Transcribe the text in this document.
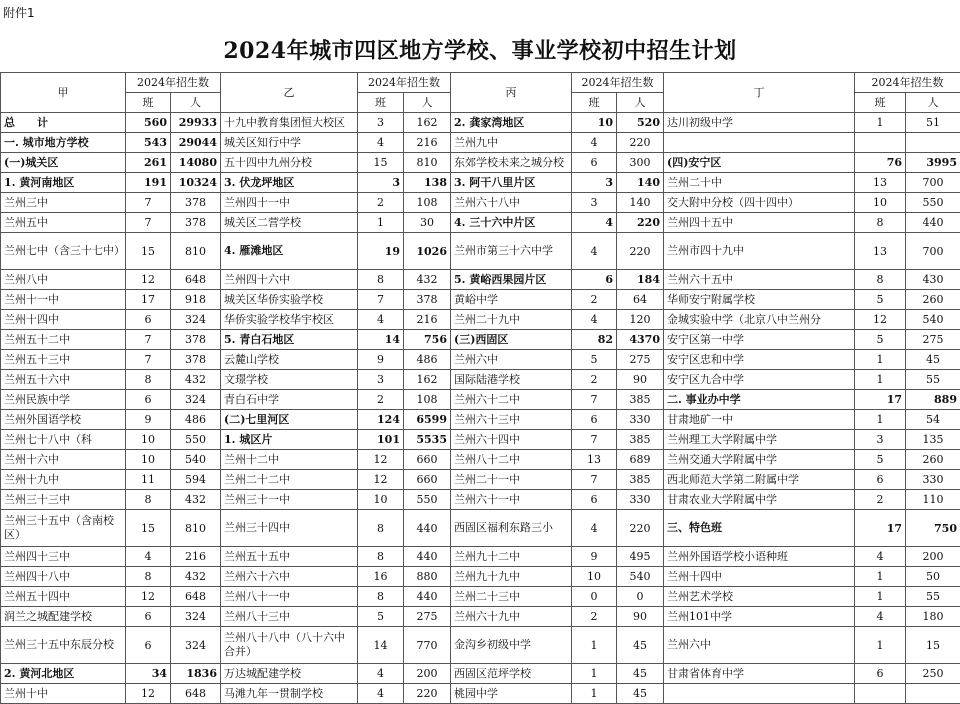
附件1
2024年城市四区地方学校、事业学校初中招生计划
甲	2024年招生数		乙	2024年招生数		丙	2024年招生数		丁	2024年招生数	
	班	人		班	人		班	人		班	人
总　　计	560	29933	十九中教育集团恒大校区	3	162	2. 龚家湾地区	10	520	达川初级中学	1	51
一. 城市地方学校	543	29044	城关区知行中学	4	216	兰州九中	4	220			
(一)城关区	261	14080	五十四中九州分校	15	810	东郊学校未来之城分校	6	300	(四)安宁区	76	3995
1. 黄河南地区	191	10324	3. 伏龙坪地区	3	138	3. 阿干八里片区	3	140	兰州二十中	13	700
兰州三中	7	378	兰州四十一中	2	108	兰州六十八中	3	140	交大附中分校（四十四中）	10	550
兰州五中	7	378	城关区二营学校	1	30	4. 三十六中片区	4	220	兰州四十五中	8	440
兰州七中（含三十七中）	15	810	4. 雁滩地区	19	1026	兰州市第三十六中学	4	220	兰州市四十九中	13	700
兰州八中	12	648	兰州四十六中	8	432	5. 黄峪西果园片区	6	184	兰州六十五中	8	430
兰州十一中	17	918	城关区华侨实验学校	7	378	黄峪中学	2	64	华师安宁附属学校	5	260
兰州十四中	6	324	华侨实验学校华宇校区	4	216	兰州二十九中	4	120	金城实验中学（北京八中兰州分	12	540
兰州五十二中	7	378	5. 青白石地区	14	756	(三)西固区	82	4370	安宁区第一中学	5	275
兰州五十三中	7	378	云麓山学校	9	486	兰州六中	5	275	安宁区忠和中学	1	45
兰州五十六中	8	432	文璟学校	3	162	国际陆港学校	2	90	安宁区九合中学	1	55
兰州民族中学	6	324	青白石中学	2	108	兰州六十二中	7	385	二. 事业办中学	17	889
兰州外国语学校	9	486	(二)七里河区	124	6599	兰州六十三中	6	330	甘肃地矿一中	1	54
兰州七十八中（科	10	550	1. 城区片	101	5535	兰州六十四中	7	385	兰州理工大学附属中学	3	135
兰州十六中	10	540	兰州十二中	12	660	兰州八十二中	13	689	兰州交通大学附属中学	5	260
兰州十九中	11	594	兰州二十二中	12	660	兰州二十一中	7	385	西北师范大学第二附属中学	6	330
兰州三十三中	8	432	兰州三十一中	10	550	兰州六十一中	6	330	甘肃农业大学附属中学	2	110
兰州三十五中（含南校区）	15	810	兰州三十四中	8	440	西固区福利东路三小	4	220	三、特色班	17	750
兰州四十三中	4	216	兰州五十五中	8	440	兰州九十二中	9	495	兰州外国语学校小语种班	4	200
兰州四十八中	8	432	兰州六十六中	16	880	兰州九十九中	10	540	兰州十四中	1	50
兰州五十四中	12	648	兰州八十一中	8	440	兰州二十三中	0	0	兰州艺术学校	1	55
润兰之城配建学校	6	324	兰州八十三中	5	275	兰州六十九中	2	90	兰州101中学	4	180
兰州三十五中东辰分校	6	324	兰州八十八中（八十六中合并）	14	770	金沟乡初级中学	1	45	兰州六中	1	15
2. 黄河北地区	34	1836	万达城配建学校	4	200	西固区范坪学校	1	45	甘肃省体育中学	6	250
兰州十中	12	648	马滩九年一贯制学校	4	220	桃园中学	1	45			
